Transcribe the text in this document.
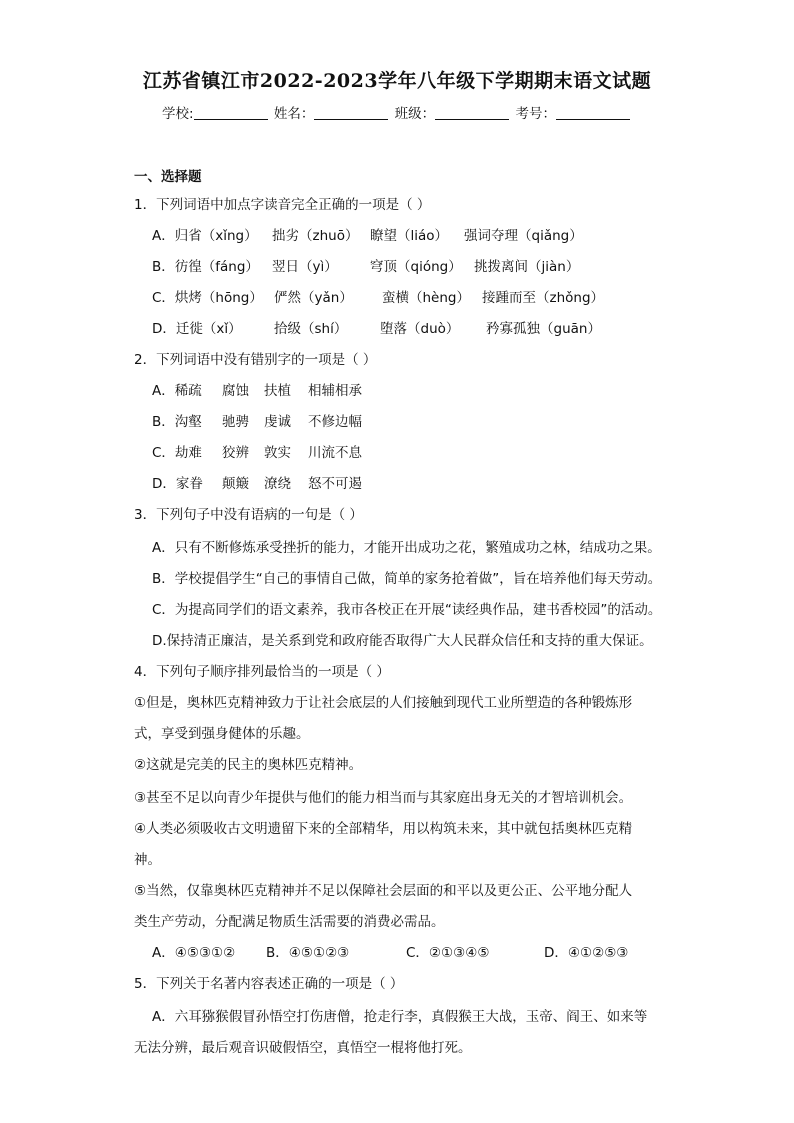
江苏省镇江市2022-2023学年八年级下学期期末语文试题
学校:	姓名：	班级：	考号：
一、选择题
1．下列词语中加点字读音完全正确的一项是（ ）
A．归省（xǐng） 拙劣（zhuō） 瞭望（liáo） 强词夺理（qiǎng）
B．彷徨（fáng） 翌日（yì） 穹顶（qióng） 挑拨离间（jiàn）
C．烘烤（hōng） 俨然（yǎn） 蛮横（hèng） 接踵而至（zhǒng）
D．迁徙（xǐ） 拾级（shí） 堕落（duò） 矜寡孤独（guān）
2．下列词语中没有错别字的一项是（ ）
A．稀疏 腐蚀 扶植 相辅相承
B．沟壑 驰骋 虔诚 不修边幅
C．劫难 狡辨 敦实 川流不息
D．家眷 颠簸 潦绕 怒不可遏
3．下列句子中没有语病的一句是（ ）
A．只有不断修炼承受挫折的能力，才能开出成功之花，繁殖成功之林，结成功之果。
B．学校提倡学生“自己的事情自己做，简单的家务抢着做”，旨在培养他们每天劳动。
C．为提高同学们的语文素养，我市各校正在开展“读经典作品，建书香校园”的活动。
D.保持清正廉洁，是关系到党和政府能否取得广大人民群众信任和支持的重大保证。
4．下列句子顺序排列最恰当的一项是（ ）
①但是，奥林匹克精神致力于让社会底层的人们接触到现代工业所塑造的各种锻炼形
式，享受到强身健体的乐趣。
②这就是完美的民主的奥林匹克精神。
③甚至不足以向青少年提供与他们的能力相当而与其家庭出身无关的才智培训机会。
④人类必须吸收古文明遗留下来的全部精华，用以构筑未来，其中就包括奥林匹克精
神。
⑤当然，仅靠奥林匹克精神并不足以保障社会层面的和平以及更公正、公平地分配人
类生产劳动，分配满足物质生活需要的消费必需品。
A．④⑤③①② B．④⑤①②③	C．②①③④⑤	D．④①②⑤③
5．下列关于名著内容表述正确的一项是（ ）
A．六耳猕猴假冒孙悟空打伤唐僧，抢走行李，真假猴王大战，玉帝、阎王、如来等
无法分辨，最后观音识破假悟空，真悟空一棍将他打死。
